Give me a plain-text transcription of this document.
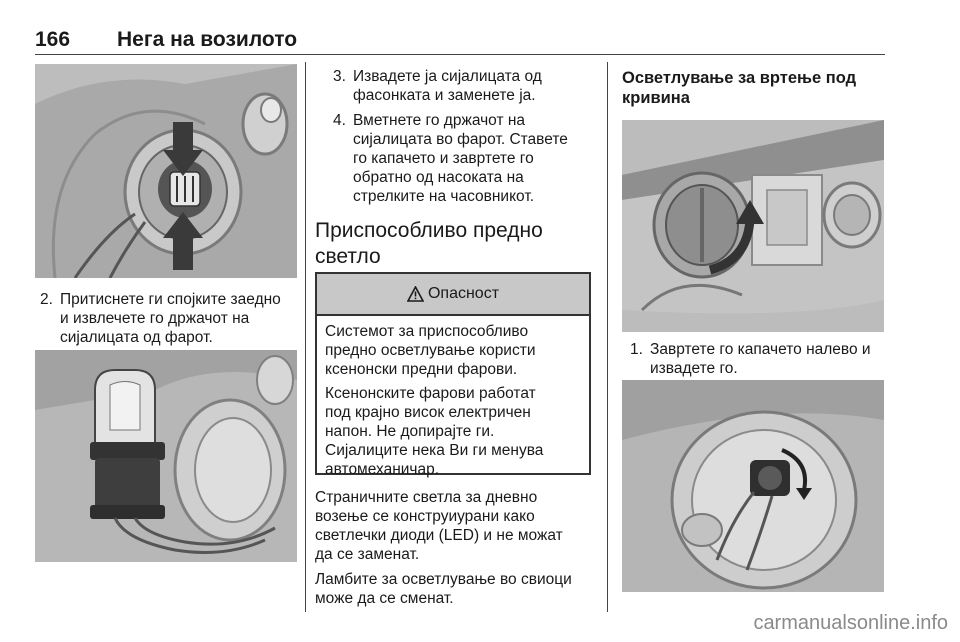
166 Нега на возилото
2. Притиснете ги спојките заедно
и извлечете го држачот на
сијалицата од фарот.
3. Извадете ја сијалицата од
фасонката и заменете ја.
4. Вметнете го држачот на
сијалицата во фарот. Ставете
го капачето и завртете го
обратно од насоката на
стрелките на часовникот.
Приспособливо предно
светло
Опасност

Системот за приспособливо
предно осветлување користи
ксенонски предни фарови.

Ксенонските фарови работат
под крајно висок електричен
напон. Не допирајте ги.
Сијалиците нека Ви ги менува
автомеханичар.

Страничните светла за дневно
возење се конструиурани како
светлечки диоди (LED) и не можат
да се заменат.
Ламбите за осветлување во свиоци
може да се сменат.
Осветлување за вртење под
кривина
1. Завртете го капачето налево и
извадете го.
carmanualsonline.info
